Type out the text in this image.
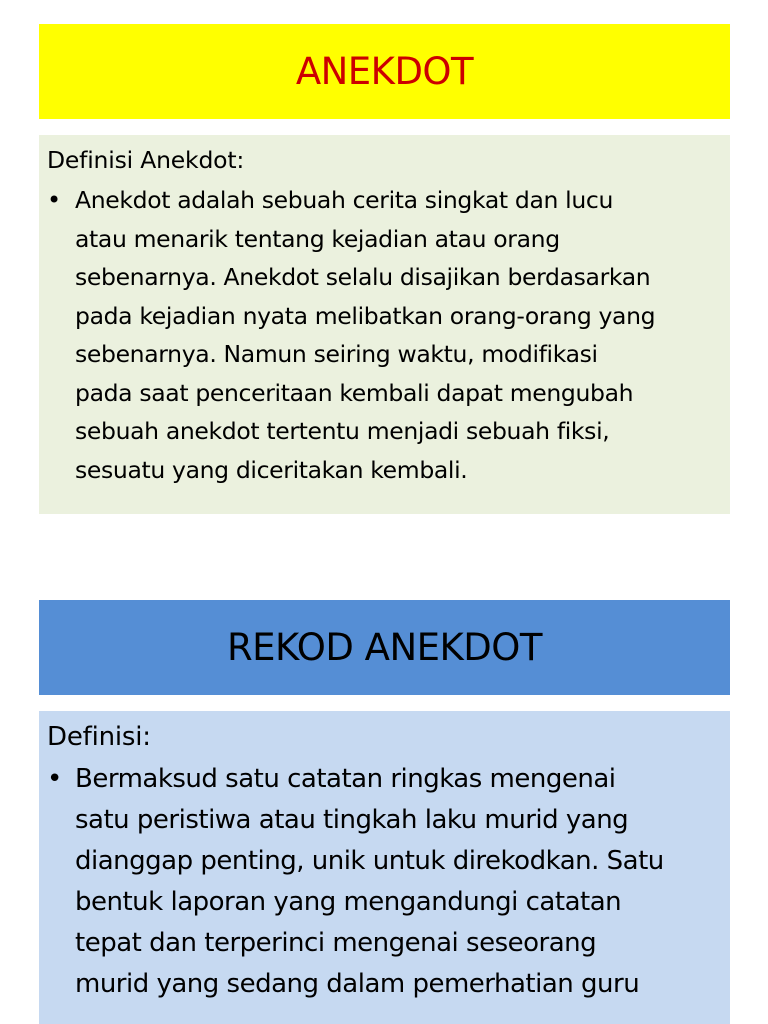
ANEKDOT
Definisi Anekdot:
• Anekdot adalah sebuah cerita singkat dan lucu
atau menarik tentang kejadian atau orang
sebenarnya. Anekdot selalu disajikan berdasarkan
pada kejadian nyata melibatkan orang-orang yang
sebenarnya. Namun seiring waktu, modifikasi
pada saat penceritaan kembali dapat mengubah
sebuah anekdot tertentu menjadi sebuah fiksi,
sesuatu yang diceritakan kembali.
REKOD ANEKDOT
Definisi:
• Bermaksud satu catatan ringkas mengenai
satu peristiwa atau tingkah laku murid yang
dianggap penting, unik untuk direkodkan. Satu
bentuk laporan yang mengandungi catatan
tepat dan terperinci mengenai seseorang
murid yang sedang dalam pemerhatian guru
